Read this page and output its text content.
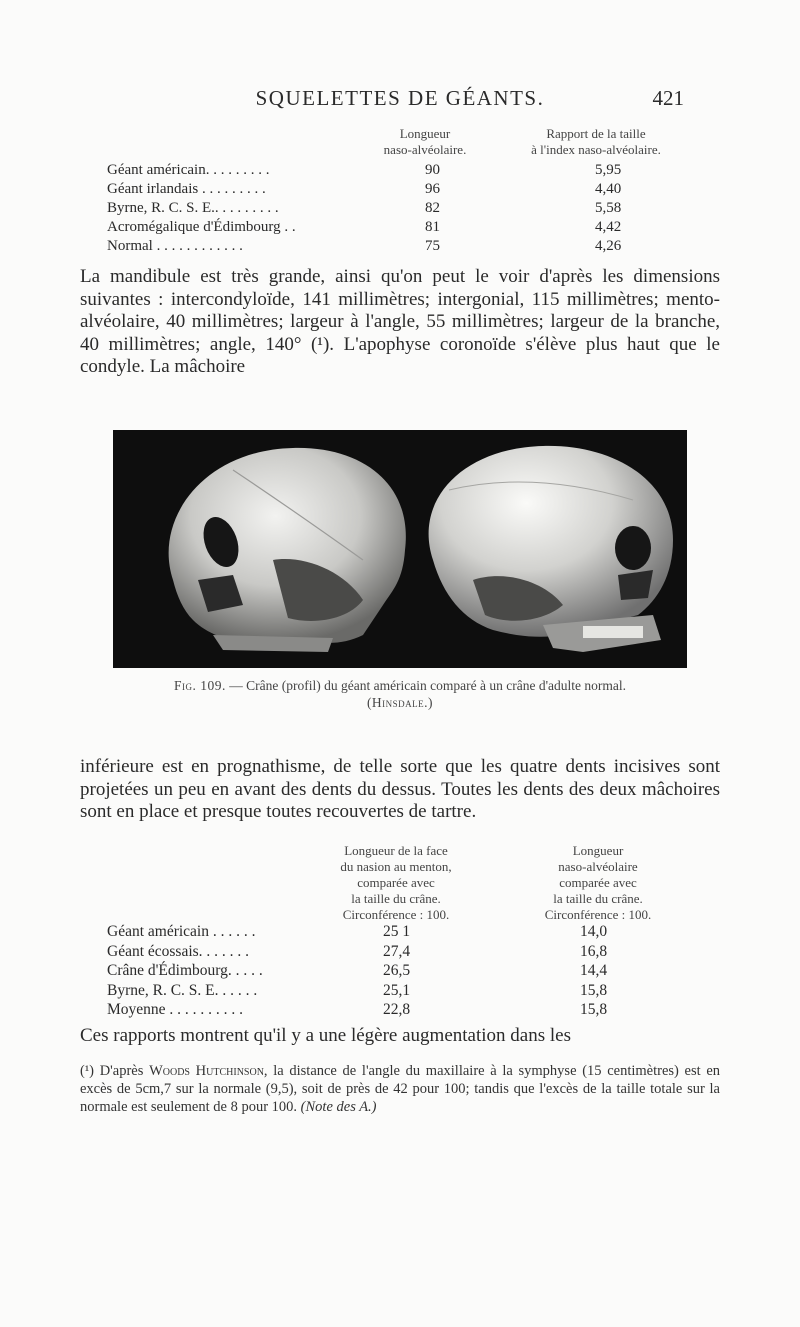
SQUELETTES DE GÉANTS.	421
Longueur
naso-alvéolaire.
Rapport de la taille
à l'index naso-alvéolaire.
Géant américain. . . . . . . . .	90	5,95
Géant irlandais . . . . . . . . .	96	4,40
Byrne, R. C. S. E.. . . . . . . . .	82	5,58
Acromégalique d'Édimbourg . .	81	4,42
Normal . . . . . . . . . . . .	75	4,26

La mandibule est très grande, ainsi qu'on peut le voir d'après les dimensions suivantes : intercondyloïde, 141 millimètres; intergonial, 115 millimètres; mento-alvéolaire, 40 millimètres; largeur à l'angle, 55 millimètres; largeur de la branche, 40 millimètres; angle, 140° (¹). L'apophyse coronoïde s'élève plus haut que le condyle. La mâchoire

Fig. 109. — Crâne (profil) du géant américain comparé à un crâne d'adulte normal.
(Hinsdale.)

inférieure est en prognathisme, de telle sorte que les quatre dents incisives sont projetées un peu en avant des dents du dessus. Toutes les dents des deux mâchoires sont en place et presque toutes recouvertes de tartre.

Longueur de la face
du nasion au menton,
comparée avec
la taille du crâne.
Circonférence : 100.
Longueur
naso-alvéolaire
comparée avec
la taille du crâne.
Circonférence : 100.
Géant américain . . . . . .	25 1	14,0
Géant écossais. . . . . . .	27,4	16,8
Crâne d'Édimbourg. . . . .	26,5	14,4
Byrne, R. C. S. E. . . . . .	25,1	15,8
Moyenne . . . . . . . . . .	22,8	15,8

Ces rapports montrent qu'il y a une légère augmentation dans les

(¹) D'après Woods Hutchinson, la distance de l'angle du maxillaire à la symphyse (15 centimètres) est en excès de 5cm,7 sur la normale (9,5), soit de près de 42 pour 100; tandis que l'excès de la taille totale sur la normale est seulement de 8 pour 100. (Note des A.)
